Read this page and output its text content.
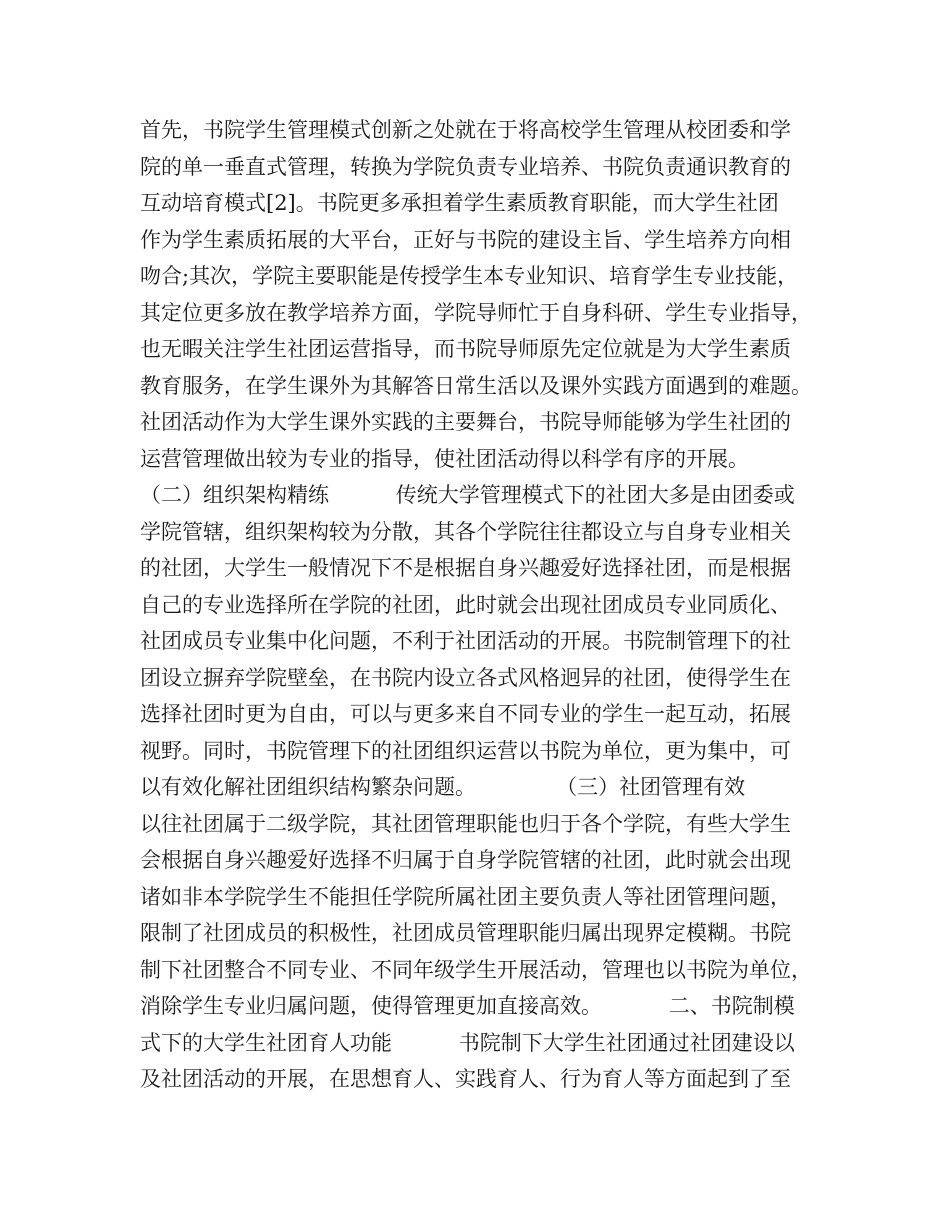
首先，书院学生管理模式创新之处就在于将高校学生管理从校团委和学
院的单一垂直式管理，转换为学院负责专业培养、书院负责通识教育的
互动培育模式[2]。书院更多承担着学生素质教育职能，而大学生社团
作为学生素质拓展的大平台，正好与书院的建设主旨、学生培养方向相
吻合;其次，学院主要职能是传授学生本专业知识、培育学生专业技能，
其定位更多放在教学培养方面，学院导师忙于自身科研、学生专业指导，
也无暇关注学生社团运营指导，而书院导师原先定位就是为大学生素质
教育服务，在学生课外为其解答日常生活以及课外实践方面遇到的难题。
社团活动作为大学生课外实践的主要舞台，书院导师能够为学生社团的
运营管理做出较为专业的指导，使社团活动得以科学有序的开展。
（二）组织架构精练          传统大学管理模式下的社团大多是由团委或
学院管辖，组织架构较为分散，其各个学院往往都设立与自身专业相关
的社团，大学生一般情况下不是根据自身兴趣爱好选择社团，而是根据
自己的专业选择所在学院的社团，此时就会出现社团成员专业同质化、
社团成员专业集中化问题，不利于社团活动的开展。书院制管理下的社
团设立摒弃学院壁垒，在书院内设立各式风格迥异的社团，使得学生在
选择社团时更为自由，可以与更多来自不同专业的学生一起互动，拓展
视野。同时，书院管理下的社团组织运营以书院为单位，更为集中，可
以有效化解社团组织结构繁杂问题。            （三）社团管理有效
以往社团属于二级学院，其社团管理职能也归于各个学院，有些大学生
会根据自身兴趣爱好选择不归属于自身学院管辖的社团，此时就会出现
诸如非本学院学生不能担任学院所属社团主要负责人等社团管理问题，
限制了社团成员的积极性，社团成员管理职能归属出现界定模糊。书院
制下社团整合不同专业、不同年级学生开展活动，管理也以书院为单位，
消除学生专业归属问题，使得管理更加直接高效。          二、书院制模
式下的大学生社团育人功能          书院制下大学生社团通过社团建设以
及社团活动的开展，在思想育人、实践育人、行为育人等方面起到了至
